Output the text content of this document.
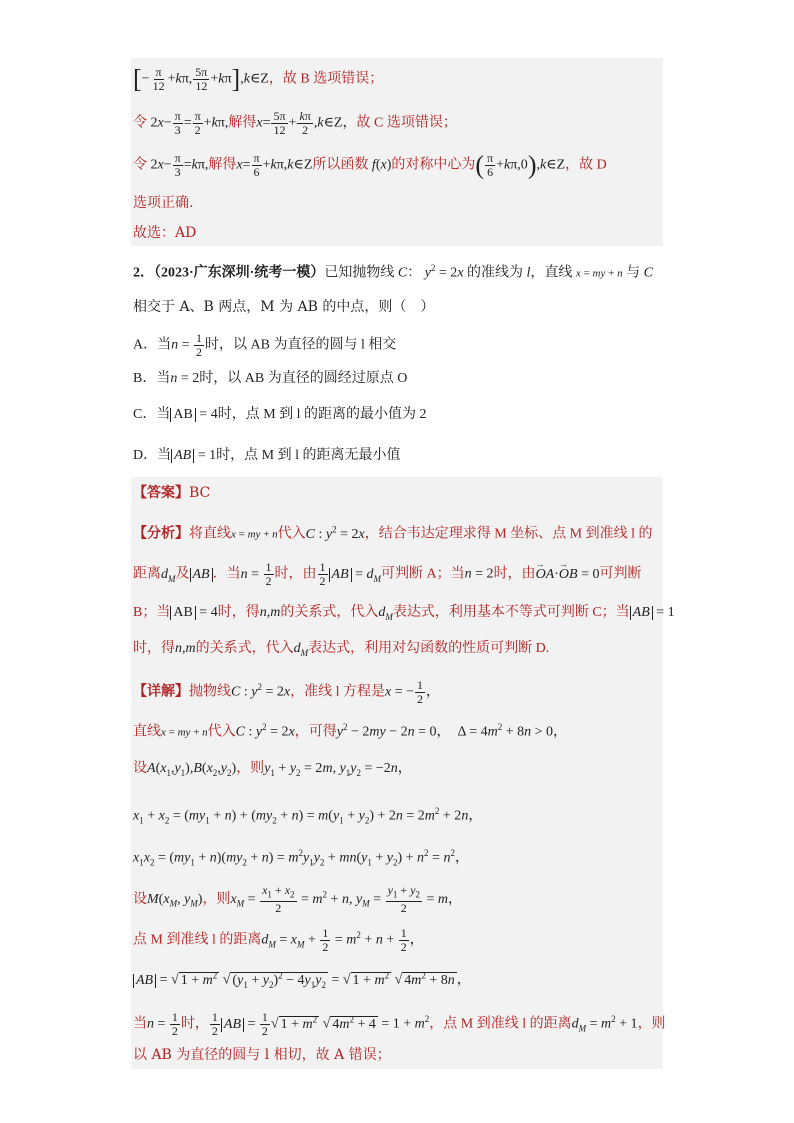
[− $\frac{\pi}{12} +k\pi$, $\frac{5\pi}{12}$ +kπ],k∈Z，故 B 选项错误；
令 $2x- \frac{\pi}{3} = \frac{\pi}{2} +k\pi$,解得$x= \frac{5\pi}{12} + \frac{k\pi}{2}$ ,k∈Z，故 C 选项错误；
令 $2x- \frac{\pi}{3} =k\pi$,解得$x= \frac{\pi}{6}$ +kπ,k∈Z所以函数 f(x)的对称中心为( $\frac{\pi}{6}$ +kπ,0),k∈Z，故 D
选项正确.
故选：AD
2．（2023·广东深圳·统考一模）已知抛物线 C： $y^2 = 2x$ 的准线为 l，直线 x = my + n 与 C
相交于 A、B 两点，M 为 AB 的中点，则（　）
A．当$n = \frac{1}{2}$ 时，以 AB 为直径的圆与 l 相交
B．当n = 2时，以 AB 为直径的圆经过原点 O
C．当 AB = 4时，点 M 到 l 的距离的最小值为 2
D．当 AB = 1时，点 M 到 l 的距离无最小值
【答案】BC
【分析】将直线x = my + n代入C : $y^2 = 2x$，结合韦达定理求得 M 坐标、点 M 到准线 l 的
距离$d_M$及 AB ．当$n = \frac{1}{2}$ 时，由 $\frac{1}{2}$ AB = $d_M$可判断 A；当n = 2时，由→ OA·→ OB = 0可判断
B；当 AB = 4时，得n,m的关系式，代入$d_M$表达式，利用基本不等式可判断 C；当 AB = 1
时，得n,m的关系式，代入$d_M$表达式，利用对勾函数的性质可判断 D.
【详解】抛物线C : $y^2 = 2x$，准线 l 方程是x = − $\frac{1}{2}$ ，
直线x = my + n代入C : $y^2 = 2x$，可得$y^2 - 2my - 2n = 0$，  $\Delta = 4m^2 + 8n > 0$，
设$A(x_1,y_1),B(x_2,y_2)$，则$y_1 + y_2 = 2m$, $y_1y_2 = -2n$，
$x_1 + x_2 = (my_1 + n) + (my_2 + n) = m(y_1 + y_2) + 2n = 2m^2 + 2n$，
$x_1x_2 = (my_1 + n)(my_2 + n) = m^2y_1y_2 + mn(y_1 + y_2) + n^2 = n^2$，
设$M(x_M$, $y_M$)，则$x_M = \frac{x_1 + x_2}{2} = m^2 + n$, $y_M = \frac{y_1 + y_2}{2} = m$，
点 M 到准线 l 的距离$d_M = x_M + \frac{1}{2} = m^2 + n + \frac{1}{2}$ ，
AB = √ $1 + m^2$ √ $(y_1 + y_2)^2 - 4y_1y_2$ = √ $1 + m^2$ √ $4m^2 + 8n$ ，
当$n = \frac{1}{2}$ 时， $\frac{1}{2}$ AB = $\frac{1}{2}$ √ $1 + m^2$ √ $4m^2 + 4 = 1 + m^2$，点 M 到准线 l 的距离$d_M = m^2 + 1$，则
以 AB 为直径的圆与 l 相切，故 A 错误；
